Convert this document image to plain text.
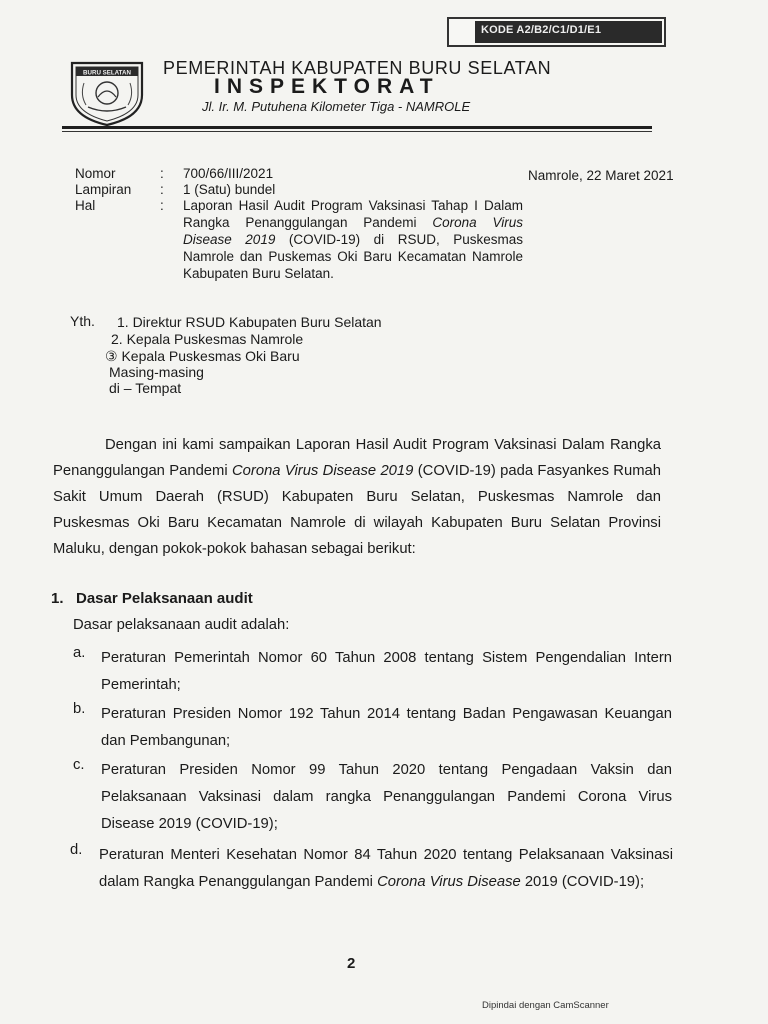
KODE A2/B2/C1/D1/E1
BURU SELATAN PEMERINTAH KABUPATEN BURU SELATAN
INSPEKTORAT
Jl. Ir. M. Putuhena Kilometer Tiga - NAMROLE
Nomor	: 700/66/III/2021
Lampiran : 1 (Satu) bundel
Hal	: Laporan Hasil Audit Program Vaksinasi Tahap I Dalam Rangka Penanggulangan Pandemi Corona Virus Disease 2019 (COVID-19) di RSUD, Puskesmas Namrole dan Puskemas Oki Baru Kecamatan Namrole Kabupaten Buru Selatan.
Namrole, 22 Maret 2021
Yth. 1. Direktur RSUD Kabupaten Buru Selatan
2. Kepala Puskesmas Namrole
③ Kepala Puskesmas Oki Baru
Masing-masing
di – Tempat
Dengan ini kami sampaikan Laporan Hasil Audit Program Vaksinasi Dalam Rangka Penanggulangan Pandemi Corona Virus Disease 2019 (COVID-19) pada Fasyankes Rumah Sakit Umum Daerah (RSUD) Kabupaten Buru Selatan, Puskesmas Namrole dan Puskesmas Oki Baru Kecamatan Namrole di wilayah Kabupaten Buru Selatan Provinsi Maluku, dengan pokok-pokok bahasan sebagai berikut:
1. Dasar Pelaksanaan audit
Dasar pelaksanaan audit adalah:
a. Peraturan Pemerintah Nomor 60 Tahun 2008 tentang Sistem Pengendalian Intern Pemerintah;
b. Peraturan Presiden Nomor 192 Tahun 2014 tentang Badan Pengawasan Keuangan dan Pembangunan;
c. Peraturan Presiden Nomor 99 Tahun 2020 tentang Pengadaan Vaksin dan Pelaksanaan Vaksinasi dalam rangka Penanggulangan Pandemi Corona Virus Disease 2019 (COVID-19);
d. Peraturan Menteri Kesehatan Nomor 84 Tahun 2020 tentang Pelaksanaan Vaksinasi dalam Rangka Penanggulangan Pandemi Corona Virus Disease 2019 (COVID-19);
2
Dipindai dengan CamScanner
